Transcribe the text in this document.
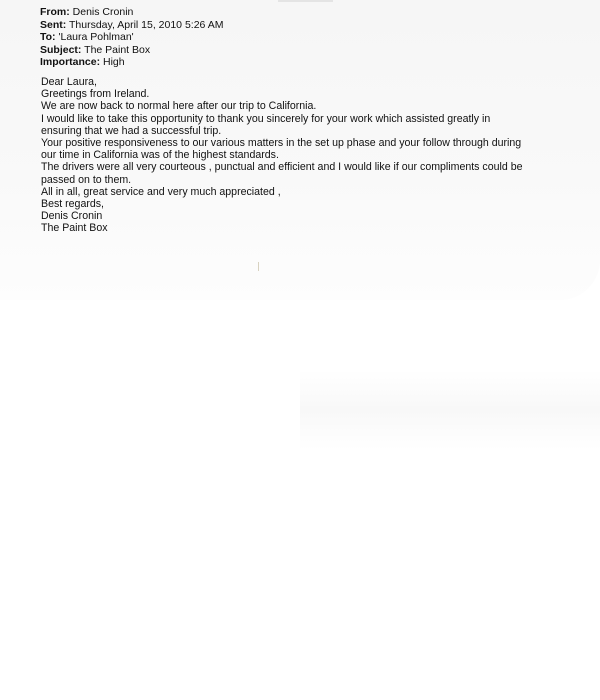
From: Denis Cronin
Sent: Thursday, April 15, 2010 5:26 AM
To: 'Laura Pohlman'
Subject: The Paint Box
Importance: High

Dear Laura,

Greetings from Ireland.

We are now back to normal here after our trip to California.

I would like to take this opportunity to thank you sincerely for your work which assisted greatly in

ensuring that we had a successful trip.

Your positive responsiveness to our various matters in the set up phase and your follow through during

our time in California was of the highest standards.

The drivers were all very courteous , punctual and efficient and I would like if our compliments could be

passed on to them.

All in all, great service and very much appreciated ,

Best regards,

Denis Cronin

The Paint Box
